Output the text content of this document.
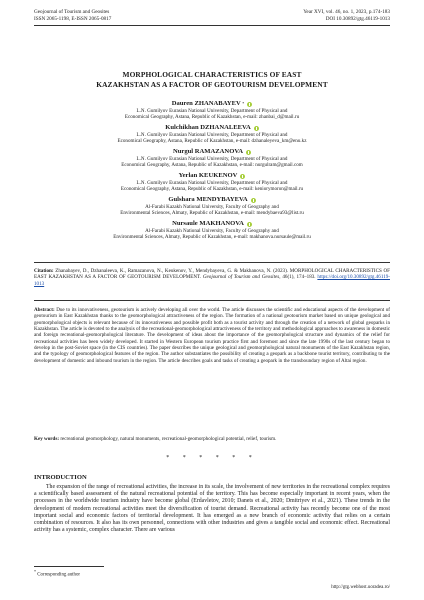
Geojournal of Tourism and Geosites
ISSN 2065-1198, E-ISSN 2065-0817
Year XVI, vol. 46, no. 1, 2023, p.174-183
DOI 10.30892/gtg.46119-1013
MORPHOLOGICAL CHARACTERISTICS OF EAST
KAZAKHSTAN AS A FACTOR OF GEOTOURISM DEVELOPMENT
Dauren ZHANABAYEV *
L.N. Gumilyov Eurasian National University, Department of Physical and
Economical Geography, Astana, Republic of Kazakhstan, e-mail: zhanbai_d@mail.ru
Kulchikhan DZHANALEEVA
L.N. Gumilyov Eurasian National University, Department of Physical and
Economical Geography, Astana, Republic of Kazakhstan, e-mail: dzhanaleyeva_km@enu.kz
Nurgul RAMAZANOVA
L.N. Gumilyov Eurasian National University, Department of Physical and
Economical Geography, Astana, Republic of Kazakhstan, e-mail: nurgulram@gmail.com
Yerlan KEUKENOV
L.N. Gumilyov Eurasian National University, Department of Physical and
Economical Geography, Astana, Republic of Kazakhstan, e-mail: keniorymoron@mail.ru
Gulshara MENDYBAYEVA
Al-Farabi Kazakh National University, Faculty of Geography and
Environmental Sciences, Almaty, Republic of Kazakhstan, e-mail: mendybaeva93@list.ru
Nursaule MAKHANOVA
Al-Farabi Kazakh National University, Faculty of Geography and
Environmental Sciences, Almaty, Republic of Kazakhstan, e-mail: makhanova.nursaule@mail.ru
Citation: Zhanabayev, D., Dzhanaleeva, K., Ramazanova, N., Keukenov, Y., Mendybayeva, G. & Makhanova, N. (2023). MORPHOLOGICAL CHARACTERISTICS OF EAST KAZAKHSTAN AS A FACTOR OF GEOTOURISM DEVELOPMENT. Geojournal of Tourism and Geosites, 46(1), 174–183. https://doi.org/10.30892/gtg.46119-1013
Abstract: Due to its innovativeness, geotourism is actively developing all over the world. The article discusses the scientific and educational aspects of the development of geotourism in East Kazakhstan thanks to the geomorphological attractiveness of the region. The formation of a national geotourism market based on unique geological and geomorphological objects is relevant because of its innovativeness and possible profit both as a tourist activity and through the creation of a network of global geoparks in Kazakhstan. The article is devoted to the analysis of the recreational-geomorphological attractiveness of the territory and methodological approaches to awareness in domestic and foreign recreational-geomorphological literature. The development of ideas about the importance of the geomorphological structure and dynamics of the relief for recreational activities has been widely developed. It started in Western European tourism practice first and foremost and since the late 1990s of the last century began to develop in the post-Soviet space (in the CIS countries). The paper describes the unique geological and geomorphological natural monuments of the East Kazakhstan region, and the typology of geomorphological features of the region. The author substantiates the possibility of creating a geopark as a backbone tourist territory, contributing to the development of domestic and inbound tourism in the region. The article describes goals and tasks of creating a geopark in the transboundary region of Altai region.
Key words: recreational geomorphology, natural monuments, recreational-geomorphological potential, relief, tourism.
* * * * * *
INTRODUCTION
The expansion of the range of recreational activities, the increase in its scale, the involvement of new territories in the recreational complex requires a scientifically based assessment of the natural recreational potential of the territory. This has become especially important in recent years, when the processes in the worldwide tourism industry have become global (Erdavletov, 2010; Danets et al., 2020; Dmitriyev et al., 2021). These trends in the development of modern recreational activities meet the diversification of tourist demand. Recreational activity has recently become one of the most important social and economic factors of territorial development. It has emerged as a new branch of economic activity that relies on a certain combination of resources. It also has its own personnel, connections with other industries and gives a tangible social and economic effect. Recreational activity has a systemic, complex character. There are various
* Corresponding author
http://gtg.webhost.uoradea.ro/
